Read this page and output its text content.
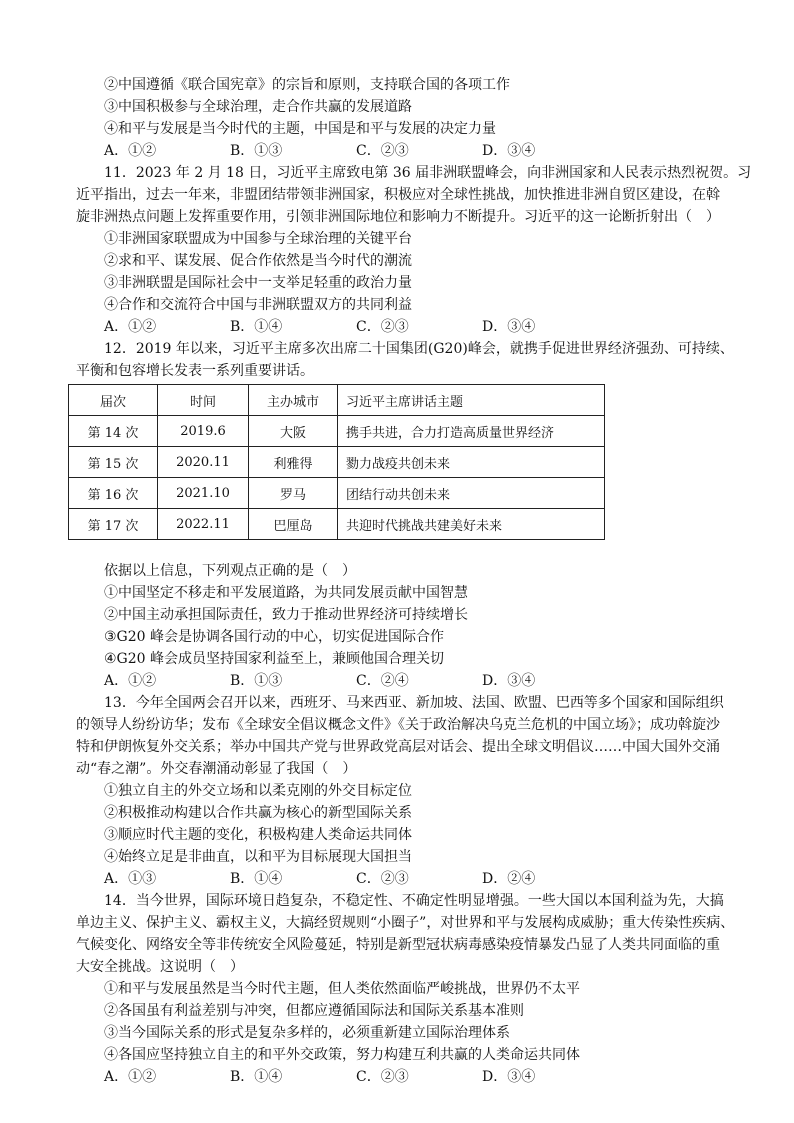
②中国遵循《联合国宪章》的宗旨和原则，支持联合国的各项工作
③中国积极参与全球治理，走合作共赢的发展道路
④和平与发展是当今时代的主题，中国是和平与发展的决定力量
A．①②	B．①③	C．②③	D．③④
11．2023 年 2 月 18 日，习近平主席致电第 36 届非洲联盟峰会，向非洲国家和人民表示热烈祝贺。习
近平指出，过去一年来，非盟团结带领非洲国家，积极应对全球性挑战，加快推进非洲自贸区建设，在斡
旋非洲热点问题上发挥重要作用，引领非洲国际地位和影响力不断提升。习近平的这一论断折射出（　）
①非洲国家联盟成为中国参与全球治理的关键平台
②求和平、谋发展、促合作依然是当今时代的潮流
③非洲联盟是国际社会中一支举足轻重的政治力量
④合作和交流符合中国与非洲联盟双方的共同利益
A．①②	B．①④	C．②③	D．③④
12．2019 年以来，习近平主席多次出席二十国集团(G20)峰会，就携手促进世界经济强劲、可持续、
平衡和包容增长发表一系列重要讲话。
届次	时间	主办城市	习近平主席讲话主题
第 14 次	2019.6	大阪	携手共进，合力打造高质量世界经济
第 15 次	2020.11	利雅得	勠力战疫共创未来
第 16 次	2021.10	罗马	团结行动共创未来
第 17 次	2022.11	巴厘岛	共迎时代挑战共建美好未来
依据以上信息，下列观点正确的是（　）
①中国坚定不移走和平发展道路，为共同发展贡献中国智慧
②中国主动承担国际责任，致力于推动世界经济可持续增长
③G20 峰会是协调各国行动的中心，切实促进国际合作
④G20 峰会成员坚持国家利益至上，兼顾他国合理关切
A．①②	B．①③	C．②④	D．③④
13．今年全国两会召开以来，西班牙、马来西亚、新加坡、法国、欧盟、巴西等多个国家和国际组织
的领导人纷纷访华；发布《全球安全倡议概念文件》《关于政治解决乌克兰危机的中国立场》；成功斡旋沙
特和伊朗恢复外交关系；举办中国共产党与世界政党高层对话会、提出全球文明倡议……中国大国外交涌
动“春之潮”。外交春潮涌动彰显了我国（　）
①独立自主的外交立场和以柔克刚的外交目标定位
②积极推动构建以合作共赢为核心的新型国际关系
③顺应时代主题的变化，积极构建人类命运共同体
④始终立足是非曲直，以和平为目标展现大国担当
A．①③	B．①④	C．②③	D．②④
14．当今世界，国际环境日趋复杂，不稳定性、不确定性明显增强。一些大国以本国利益为先，大搞
单边主义、保护主义、霸权主义，大搞经贸规则“小圈子”，对世界和平与发展构成威胁；重大传染性疾病、
气候变化、网络安全等非传统安全风险蔓延，特别是新型冠状病毒感染疫情暴发凸显了人类共同面临的重
大安全挑战。这说明（　）
①和平与发展虽然是当今时代主题，但人类依然面临严峻挑战，世界仍不太平
②各国虽有利益差别与冲突，但都应遵循国际法和国际关系基本准则
③当今国际关系的形式是复杂多样的，必须重新建立国际治理体系
④各国应坚持独立自主的和平外交政策，努力构建互利共赢的人类命运共同体
A．①②	B．①④	C．②③	D．③④
